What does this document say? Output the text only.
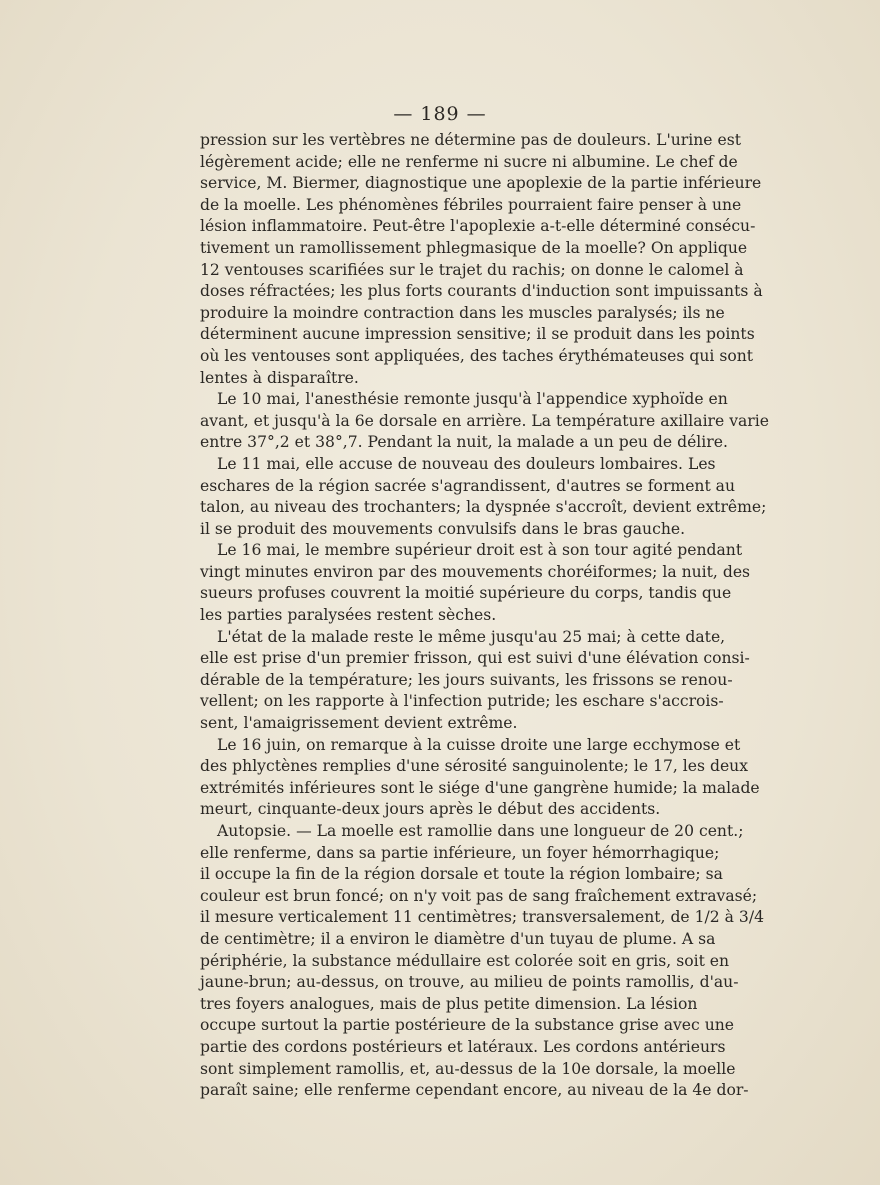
— 189 —
pression sur les vertèbres ne détermine pas de douleurs. L'urine est
légèrement acide; elle ne renferme ni sucre ni albumine. Le chef de
service, M. Biermer, diagnostique une apoplexie de la partie inférieure
de la moelle. Les phénomènes fébriles pourraient faire penser à une
lésion inflammatoire. Peut-être l'apoplexie a-t-elle déterminé consécu-
tivement un ramollissement phlegmasique de la moelle? On applique
12 ventouses scarifiées sur le trajet du rachis; on donne le calomel à
doses réfractées; les plus forts courants d'induction sont impuissants à
produire la moindre contraction dans les muscles paralysés; ils ne
déterminent aucune impression sensitive; il se produit dans les points
où les ventouses sont appliquées, des taches érythémateuses qui sont
lentes à disparaître.
Le 10 mai, l'anesthésie remonte jusqu'à l'appendice xyphoïde en
avant, et jusqu'à la 6e dorsale en arrière. La température axillaire varie
entre 37°,2 et 38°,7. Pendant la nuit, la malade a un peu de délire.
Le 11 mai, elle accuse de nouveau des douleurs lombaires. Les
eschares de la région sacrée s'agrandissent, d'autres se forment au
talon, au niveau des trochanters; la dyspnée s'accroît, devient extrême;
il se produit des mouvements convulsifs dans le bras gauche.
Le 16 mai, le membre supérieur droit est à son tour agité pendant
vingt minutes environ par des mouvements choréiformes; la nuit, des
sueurs profuses couvrent la moitié supérieure du corps, tandis que
les parties paralysées restent sèches.
L'état de la malade reste le même jusqu'au 25 mai; à cette date,
elle est prise d'un premier frisson, qui est suivi d'une élévation consi-
dérable de la température; les jours suivants, les frissons se renou-
vellent; on les rapporte à l'infection putride; les eschare s'accrois-
sent, l'amaigrissement devient extrême.
Le 16 juin, on remarque à la cuisse droite une large ecchymose et
des phlyctènes remplies d'une sérosité sanguinolente; le 17, les deux
extrémités inférieures sont le siége d'une gangrène humide; la malade
meurt, cinquante-deux jours après le début des accidents.
Autopsie. — La moelle est ramollie dans une longueur de 20 cent.;
elle renferme, dans sa partie inférieure, un foyer hémorrhagique;
il occupe la fin de la région dorsale et toute la région lombaire; sa
couleur est brun foncé; on n'y voit pas de sang fraîchement extravasé;
il mesure verticalement 11 centimètres; transversalement, de 1/2 à 3/4
de centimètre; il a environ le diamètre d'un tuyau de plume. A sa
périphérie, la substance médullaire est colorée soit en gris, soit en
jaune-brun; au-dessus, on trouve, au milieu de points ramollis, d'au-
tres foyers analogues, mais de plus petite dimension. La lésion
occupe surtout la partie postérieure de la substance grise avec une
partie des cordons postérieurs et latéraux. Les cordons antérieurs
sont simplement ramollis, et, au-dessus de la 10e dorsale, la moelle
paraît saine; elle renferme cependant encore, au niveau de la 4e dor-
